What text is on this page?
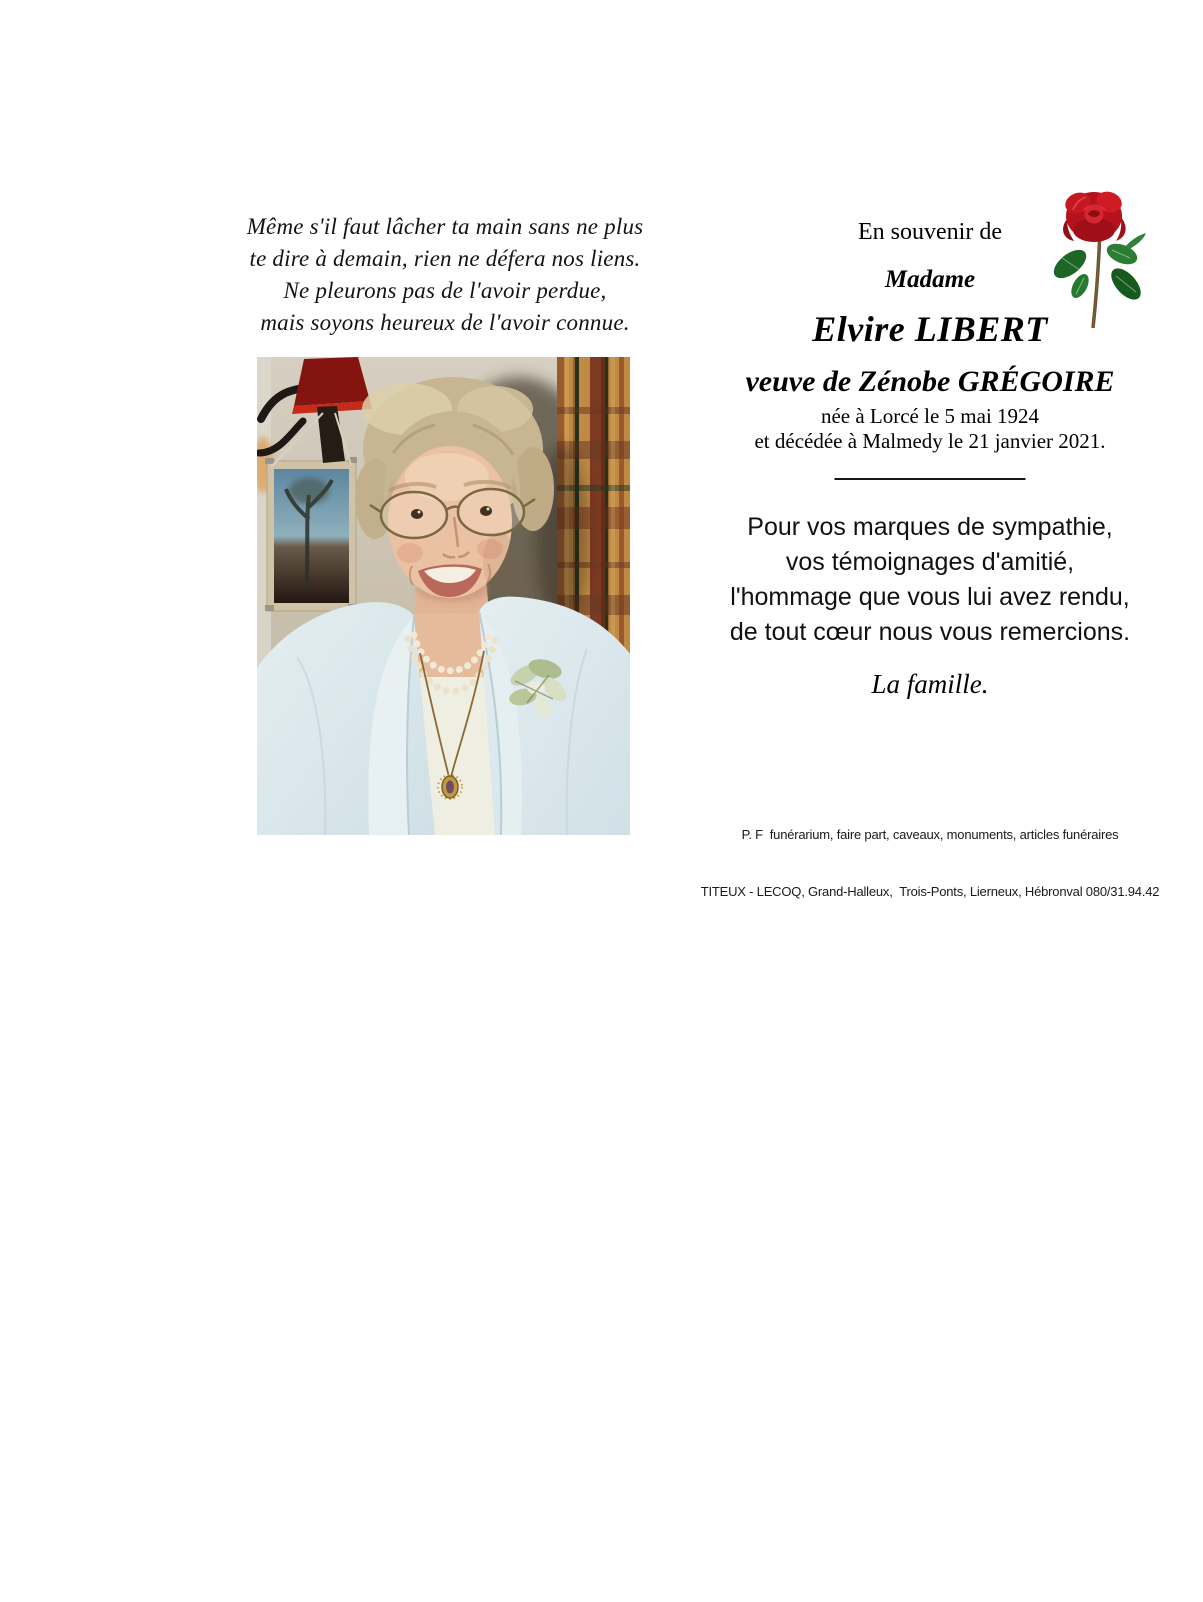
Même s'il faut lâcher ta main sans ne plus
te dire à demain, rien ne défera nos liens.
Ne pleurons pas de l'avoir perdue,
mais soyons heureux de l'avoir connue.
En souvenir de
Madame
Elvire LIBERT
veuve de Zénobe GRÉGOIRE
née à Lorcé le 5 mai 1924
et décédée à Malmedy le 21 janvier 2021.
Pour vos marques de sympathie,
vos témoignages d'amitié,
l'hommage que vous lui avez rendu,
de tout cœur nous vous remercions.
La famille.

P. F  funérarium, faire part, caveaux, monuments, articles funéraires

TITEUX - LECOQ, Grand-Halleux,  Trois-Ponts, Lierneux, Hébronval 080/31.94.42
